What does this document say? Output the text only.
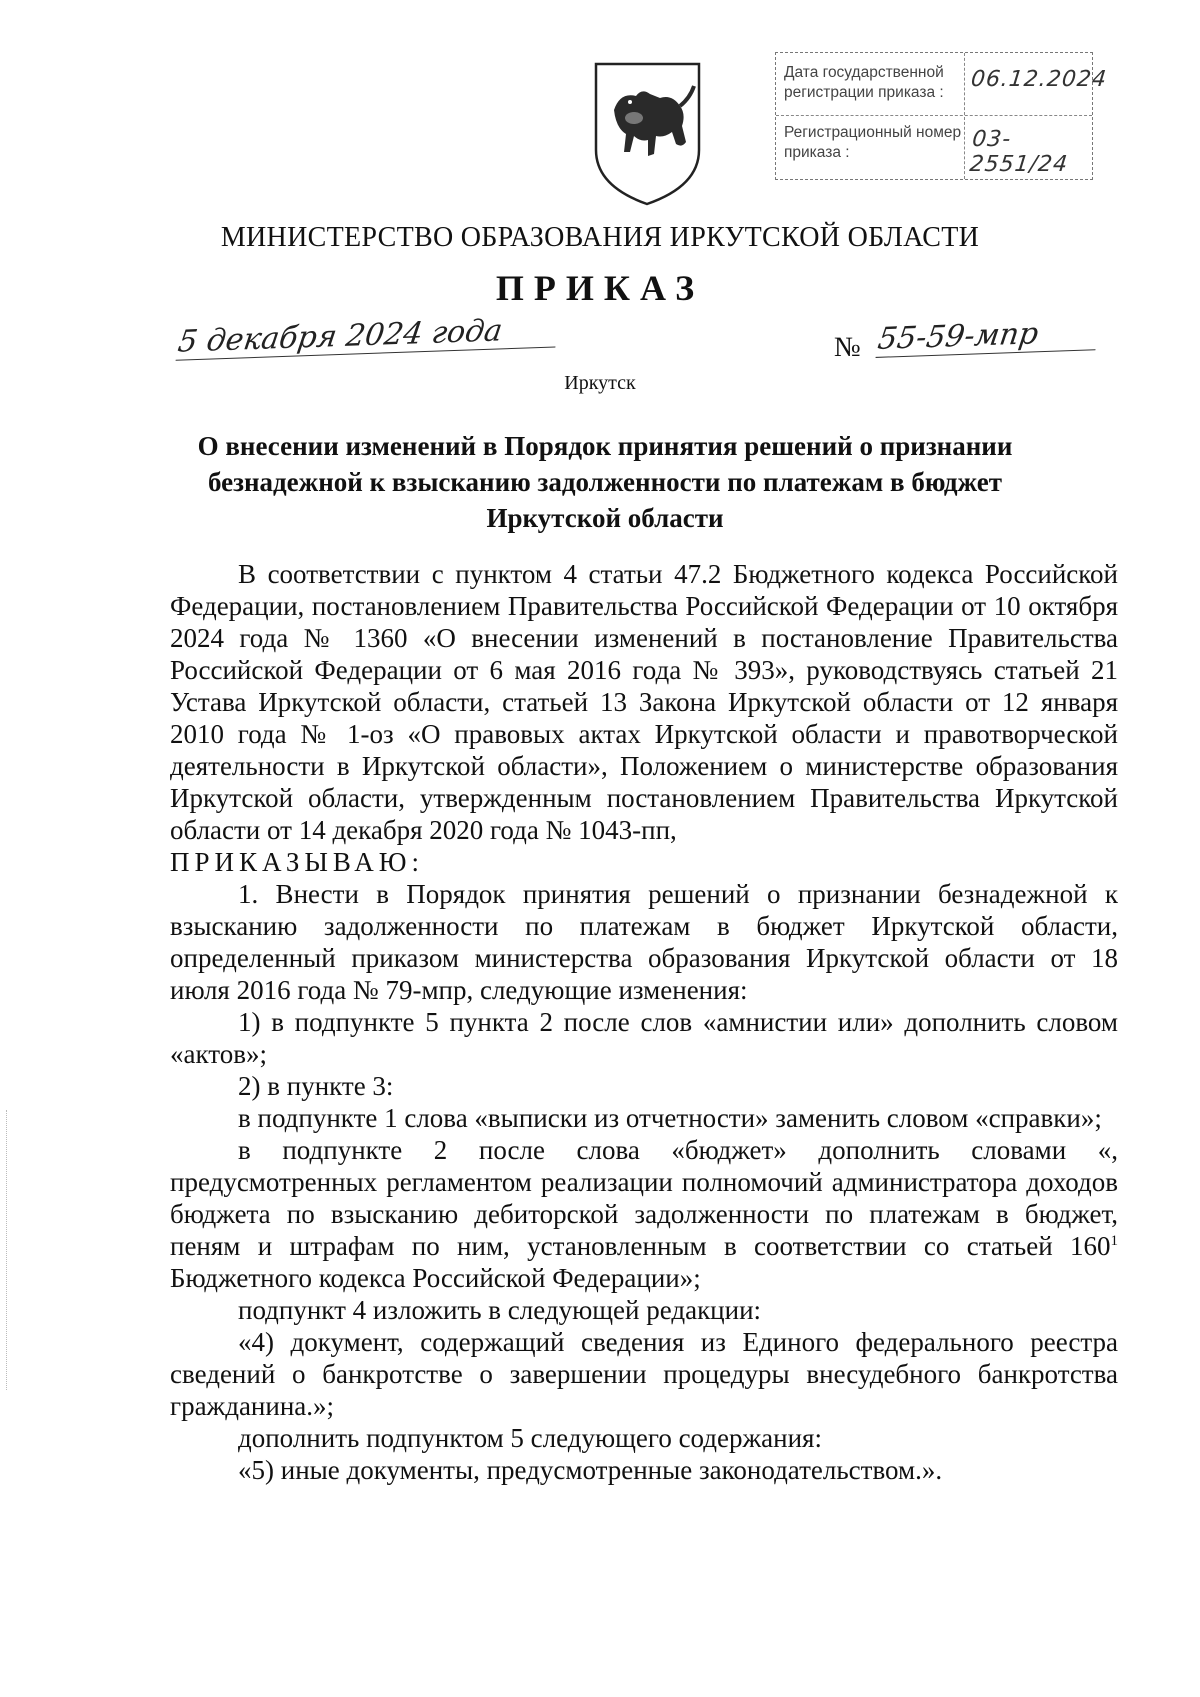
Дата государственной регистрации приказа :
06.12.2024
Регистрационный номер приказа :
03-2551/24
МИНИСТЕРСТВО ОБРАЗОВАНИЯ ИРКУТСКОЙ ОБЛАСТИ
ПРИКАЗ
5 декабря 2024 года	№ 55-59-мпр
Иркутск
О внесении изменений в Порядок принятия решений о признании безнадежной к взысканию задолженности по платежам в бюджет Иркутской области

В соответствии с пунктом 4 статьи 47.2 Бюджетного кодекса Российской Федерации, постановлением Правительства Российской Федерации от 10 октября 2024 года № 1360 «О внесении изменений в постановление Правительства Российской Федерации от 6 мая 2016 года № 393», руководствуясь статьей 21 Устава Иркутской области, статьей 13 Закона Иркутской области от 12 января 2010 года № 1-оз «О правовых актах Иркутской области и правотворческой деятельности в Иркутской области», Положением о министерстве образования Иркутской области, утвержденным постановлением Правительства Иркутской области от 14 декабря 2020 года № 1043-пп,

ПРИКАЗЫВАЮ:

1. Внести в Порядок принятия решений о признании безнадежной к взысканию задолженности по платежам в бюджет Иркутской области, определенный приказом министерства образования Иркутской области от 18 июля 2016 года № 79-мпр, следующие изменения:

1) в подпункте 5 пункта 2 после слов «амнистии или» дополнить словом «актов»;

2) в пункте 3:

в подпункте 1 слова «выписки из отчетности» заменить словом «справки»;

в подпункте 2 после слова «бюджет» дополнить словами «, предусмотренных регламентом реализации полномочий администратора доходов бюджета по взысканию дебиторской задолженности по платежам в бюджет, пеням и штрафам по ним, установленным в соответствии со статьей $160^1$ Бюджетного кодекса Российской Федерации»;

подпункт 4 изложить в следующей редакции:

«4) документ, содержащий сведения из Единого федерального реестра сведений о банкротстве о завершении процедуры внесудебного банкротства гражданина.»;

дополнить подпунктом 5 следующего содержания:

«5) иные документы, предусмотренные законодательством.».
